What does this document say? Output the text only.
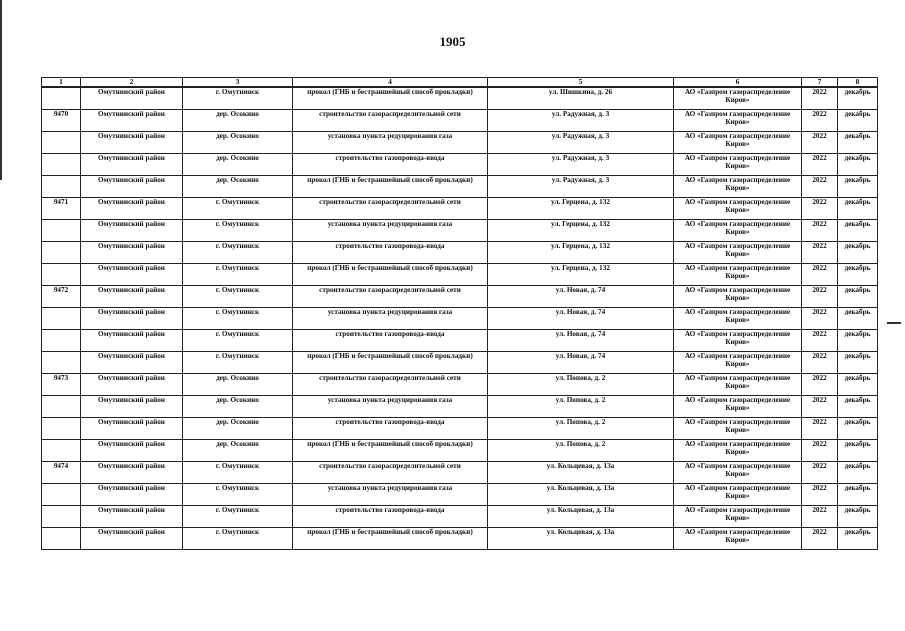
1905
1	2	3	4	5	6	7	8
	Омутнинский район	г. Омутнинск	прокол (ГНБ и бестраншейный способ прокладки)	ул. Шишкина, д. 26	АО «Газпром газораспределение Киров»	2022	декабрь
9470	Омутнинский район	дер. Осокино	строительство газораспределительной сети	ул. Радужная, д. 3	АО «Газпром газораспределение Киров»	2022	декабрь
	Омутнинский район	дер. Осокино	установка пункта редуцирования газа	ул. Радужная, д. 3	АО «Газпром газораспределение Киров»	2022	декабрь
	Омутнинский район	дер. Осокино	строительство газопровода-ввода	ул. Радужная, д. 3	АО «Газпром газораспределение Киров»	2022	декабрь
	Омутнинский район	дер. Осокино	прокол (ГНБ и бестраншейный способ прокладки)	ул. Радужная, д. 3	АО «Газпром газораспределение Киров»	2022	декабрь
9471	Омутнинский район	г. Омутнинск	строительство газораспределительной сети	ул. Герцена, д. 132	АО «Газпром газораспределение Киров»	2022	декабрь
	Омутнинский район	г. Омутнинск	установка пункта редуцирования газа	ул. Герцена, д. 132	АО «Газпром газораспределение Киров»	2022	декабрь
	Омутнинский район	г. Омутнинск	строительство газопровода-ввода	ул. Герцена, д. 132	АО «Газпром газораспределение Киров»	2022	декабрь
	Омутнинский район	г. Омутнинск	прокол (ГНБ и бестраншейный способ прокладки)	ул. Герцена, д. 132	АО «Газпром газораспределение Киров»	2022	декабрь
9472	Омутнинский район	г. Омутнинск	строительство газораспределительной сети	ул. Новая, д. 74	АО «Газпром газораспределение Киров»	2022	декабрь
	Омутнинский район	г. Омутнинск	установка пункта редуцирования газа	ул. Новая, д. 74	АО «Газпром газораспределение Киров»	2022	декабрь
	Омутнинский район	г. Омутнинск	строительство газопровода-ввода	ул. Новая, д. 74	АО «Газпром газораспределение Киров»	2022	декабрь
	Омутнинский район	г. Омутнинск	прокол (ГНБ и бестраншейный способ прокладки)	ул. Новая, д. 74	АО «Газпром газораспределение Киров»	2022	декабрь
9473	Омутнинский район	дер. Осокино	строительство газораспределительной сети	ул. Попова, д. 2	АО «Газпром газораспределение Киров»	2022	декабрь
	Омутнинский район	дер. Осокино	установка пункта редуцирования газа	ул. Попова, д. 2	АО «Газпром газораспределение Киров»	2022	декабрь
	Омутнинский район	дер. Осокино	строительство газопровода-ввода	ул. Попова, д. 2	АО «Газпром газораспределение Киров»	2022	декабрь
	Омутнинский район	дер. Осокино	прокол (ГНБ и бестраншейный способ прокладки)	ул. Попова, д. 2	АО «Газпром газораспределение Киров»	2022	декабрь
9474	Омутнинский район	г. Омутнинск	строительство газораспределительной сети	ул. Кольцевая, д. 13а	АО «Газпром газораспределение Киров»	2022	декабрь
	Омутнинский район	г. Омутнинск	установка пункта редуцирования газа	ул. Кольцевая, д. 13а	АО «Газпром газораспределение Киров»	2022	декабрь
	Омутнинский район	г. Омутнинск	строительство газопровода-ввода	ул. Кольцевая, д. 13а	АО «Газпром газораспределение Киров»	2022	декабрь
	Омутнинский район	г. Омутнинск	прокол (ГНБ и бестраншейный способ прокладки)	ул. Кольцевая, д. 13а	АО «Газпром газораспределение Киров»	2022	декабрь
